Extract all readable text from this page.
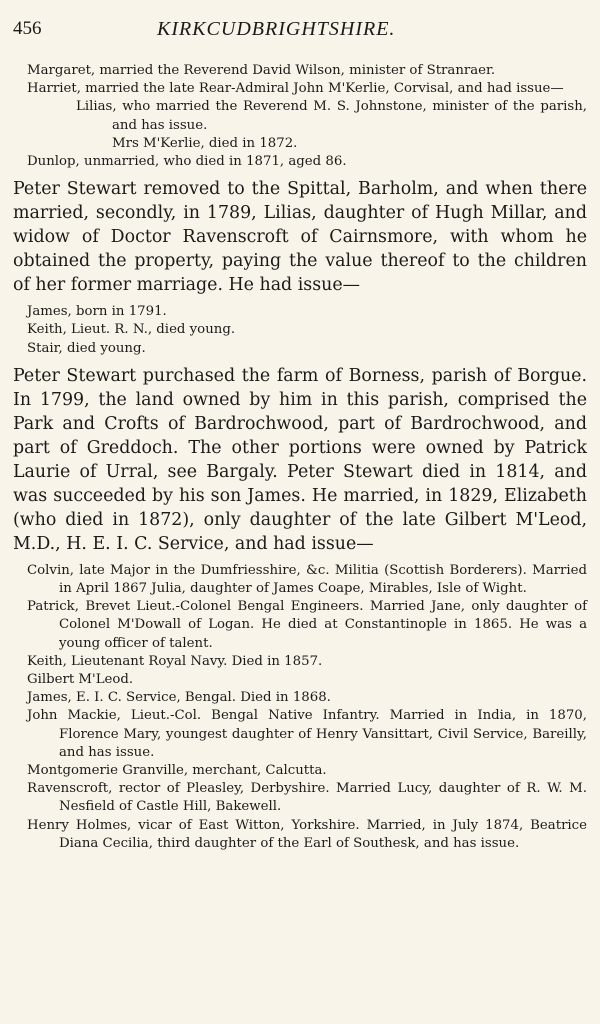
456	KIRKCUDBRIGHTSHIRE.

Margaret, married the Reverend David Wilson, minister of Stranraer.

Harriet, married the late Rear-Admiral John M'Kerlie, Corvisal, and had issue—

Lilias, who married the Reverend M. S. Johnstone, minister of the parish, and has issue.

Mrs M'Kerlie, died in 1872.

Dunlop, unmarried, who died in 1871, aged 86.

Peter Stewart removed to the Spittal, Barholm, and when there married, secondly, in 1789, Lilias, daughter of Hugh Millar, and widow of Doctor Ravenscroft of Cairnsmore, with whom he obtained the property, paying the value thereof to the children of her former marriage. He had issue—

James, born in 1791.

Keith, Lieut. R. N., died young.

Stair, died young.

Peter Stewart purchased the farm of Borness, parish of Borgue. In 1799, the land owned by him in this parish, comprised the Park and Crofts of Bardrochwood, part of Bardrochwood, and part of Greddoch. The other portions were owned by Patrick Laurie of Urral, see Bargaly. Peter Stewart died in 1814, and was succeeded by his son James. He married, in 1829, Elizabeth (who died in 1872), only daughter of the late Gilbert M'Leod, M.D., H. E. I. C. Service, and had issue—

Colvin, late Major in the Dumfriesshire, &c. Militia (Scottish Borderers). Married in April 1867 Julia, daughter of James Coape, Mirables, Isle of Wight.

Patrick, Brevet Lieut.-Colonel Bengal Engineers. Married Jane, only daughter of Colonel M'Dowall of Logan. He died at Constantinople in 1865. He was a young officer of talent.

Keith, Lieutenant Royal Navy. Died in 1857.

Gilbert M'Leod.

James, E. I. C. Service, Bengal. Died in 1868.

John Mackie, Lieut.-Col. Bengal Native Infantry. Married in India, in 1870, Florence Mary, youngest daughter of Henry Vansittart, Civil Service, Bareilly, and has issue.

Montgomerie Granville, merchant, Calcutta.

Ravenscroft, rector of Pleasley, Derbyshire. Married Lucy, daughter of R. W. M. Nesfield of Castle Hill, Bakewell.

Henry Holmes, vicar of East Witton, Yorkshire. Married, in July 1874, Beatrice Diana Cecilia, third daughter of the Earl of Southesk, and has issue.
